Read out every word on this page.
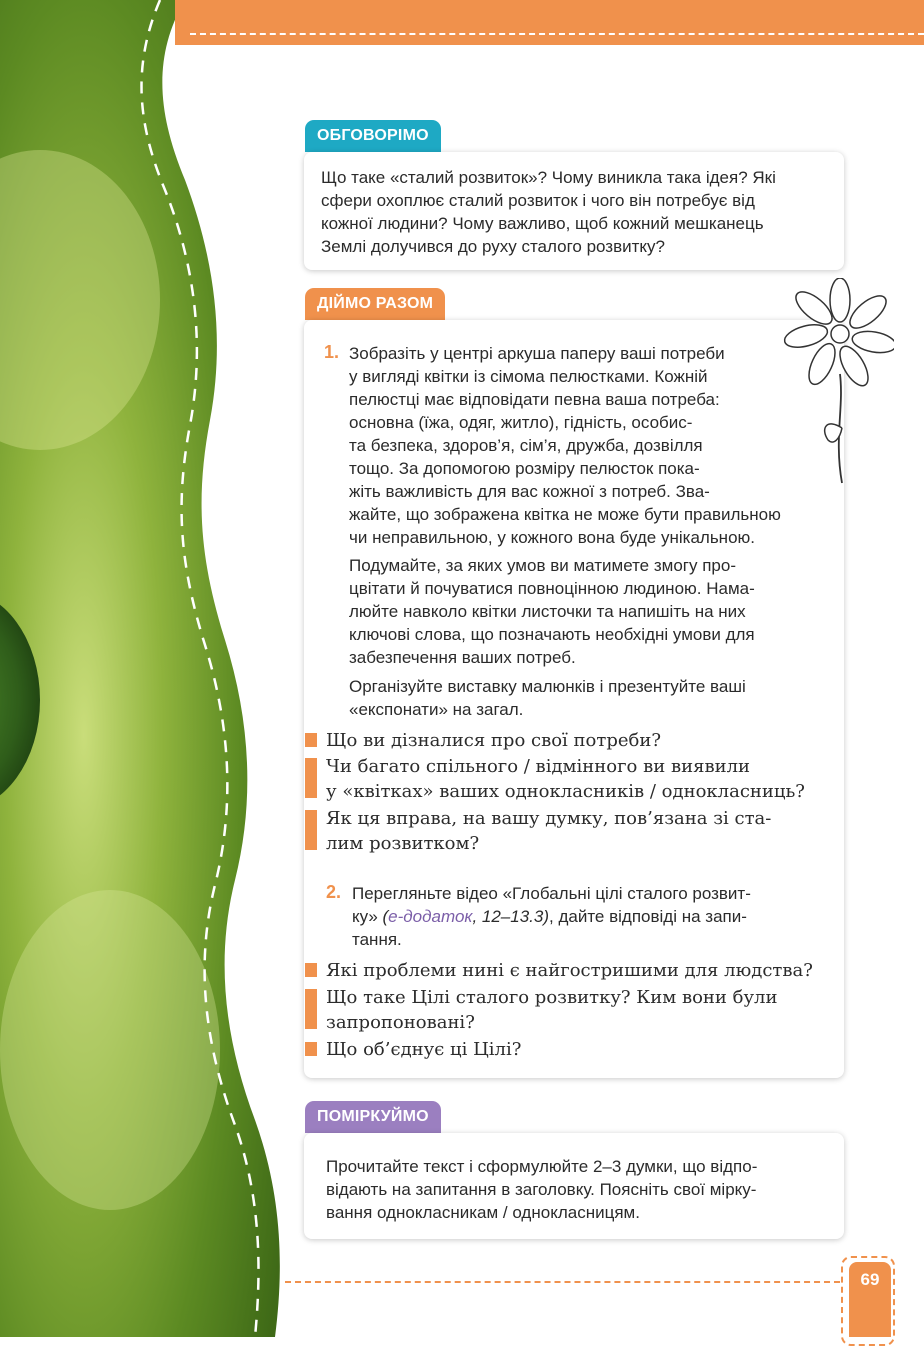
ОБГОВОРІМО
Що таке «сталий розвиток»? Чому виникла така ідея? Які
сфери охоплює сталий розвиток і чого він потребує від
кожної людини? Чому важливо, щоб кожний мешканець
Землі долучився до руху сталого розвитку?
ДІЙМО РАЗОМ
1. Зобразіть у центрі аркуша паперу ваші потреби
у вигляді квітки із сімома пелюстками. Кожній
пелюстці має відповідати певна ваша потреба:
основна (їжа, одяг, житло), гідність, особис-
та безпека, здоров’я, сім’я, дружба, дозвілля
тощо. За допомогою розміру пелюсток пока-
жіть важливість для вас кожної з потреб. Зва-
жайте, що зображена квітка не може бути правильною
чи неправильною, у кожного вона буде унікальною.
Подумайте, за яких умов ви матимете змогу про-
цвітати й почуватися повноцінною людиною. Нама-
люйте навколо квітки листочки та напишіть на них
ключові слова, що позначають необхідні умови для
забезпечення ваших потреб.
Організуйте виставку малюнків і презентуйте ваші
«експонати» на загал.
Що ви дізналися про свої потреби?
Чи багато спільного / відмінного ви виявили
у «квітках» ваших однокласників / однокласниць?
Як ця вправа, на вашу думку, пов’язана зі ста-
лим розвитком?
2. Перегляньте відео «Глобальні цілі сталого розвит-
ку» (е-додаток, 12–13.3), дайте відповіді на запи-
тання.
Які проблеми нині є найгостришими для людства?
Що таке Цілі сталого розвитку? Ким вони були
запропоновані?
Що об’єднує ці Цілі?
ПОМІРКУЙМО
Прочитайте текст і сформулюйте 2–3 думки, що відпо-
відають на запитання в заголовку. Поясніть свої мірку-
вання однокласникам / однокласницям.
69
